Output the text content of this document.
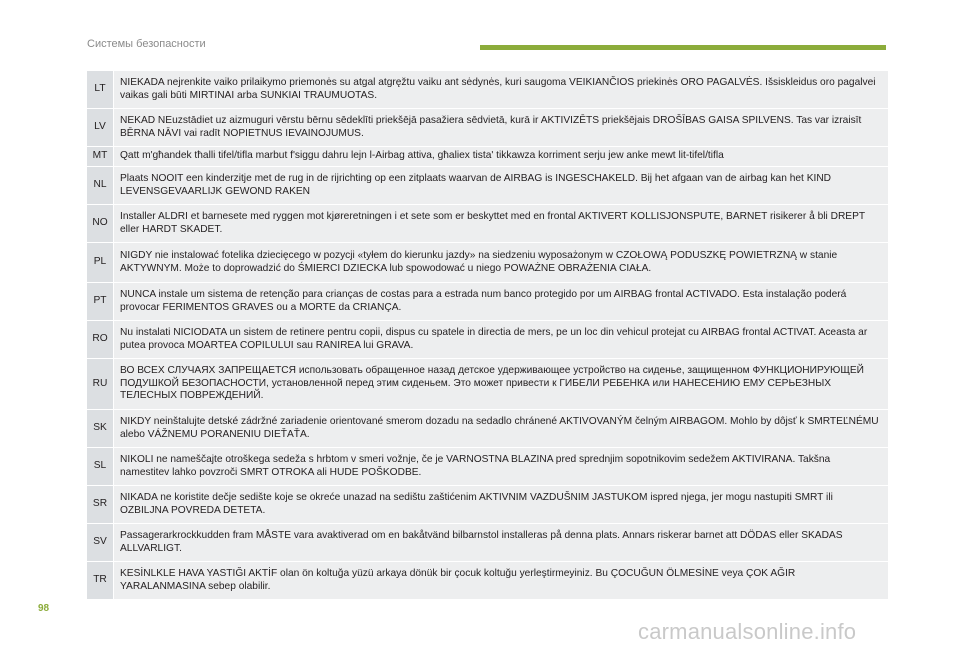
Системы безопасности
LT	NIEKADA nejrenkite vaiko prilaikymo priemonės su atgal atgręžtu vaiku ant sėdynės, kuri saugoma VEIKIANČIOS priekinės ORO PAGALVĖS. Išsiskleidus oro pagalvei vaikas gali būti MIRTINAI arba SUNKIAI TRAUMUOTAS.
LV	NEKAD NEuzstādiet uz aizmuguri vērstu bērnu sēdeklīti priekšējā pasažiera sēdvietā, kurā ir AKTIVIZĒTS priekšējais DROŠĪBAS GAISA SPILVENS. Tas var izraisīt BĒRNA NĀVI vai radīt NOPIETNUS IEVAINOJUMUS.
MT	Qatt m'għandek tħalli tifel/tifla marbut f'siggu dahru lejn l-Airbag attiva, għaliex tista' tikkawza korriment serju jew anke mewt lit-tifel/tifla
NL	Plaats NOOIT een kinderzitje met de rug in de rijrichting op een zitplaats waarvan de AIRBAG is INGESCHAKELD. Bij het afgaan van de airbag kan het KIND LEVENSGEVAARLIJK GEWOND RAKEN
NO	Installer ALDRI et barnesete med ryggen mot kjøreretningen i et sete som er beskyttet med en frontal AKTIVERT KOLLISJONSPUTE, BARNET risikerer å bli DREPT eller HARDT SKADET.
PL	NIGDY nie instalować fotelika dziecięcego w pozycji «tyłem do kierunku jazdy» na siedzeniu wyposażonym w CZOŁOWĄ PODUSZKĘ POWIETRZNĄ w stanie AKTYWNYM. Może to doprowadzić do ŚMIERCI DZIECKA lub spowodować u niego POWAŻNE OBRAŻENIA CIAŁA.
PT	NUNCA instale um sistema de retenção para crianças de costas para a estrada num banco protegido por um AIRBAG frontal ACTIVADO. Esta instalação poderá provocar FERIMENTOS GRAVES ou a MORTE da CRIANÇA.
RO	Nu instalati NICIODATA un sistem de retinere pentru copii, dispus cu spatele in directia de mers, pe un loc din vehicul protejat cu AIRBAG frontal ACTIVAT. Aceasta ar putea provoca MOARTEA COPILULUI sau RANIREA lui GRAVA.
RU	ВО ВСЕХ СЛУЧАЯХ ЗАПРЕЩАЕТСЯ использовать обращенное назад детское удерживающее устройство на сиденье, защищенном ФУНКЦИОНИРУЮЩЕЙ ПОДУШКОЙ БЕЗОПАСНОСТИ, установленной перед этим сиденьем. Это может привести к ГИБЕЛИ РЕБЕНКА или НАНЕСЕНИЮ ЕМУ СЕРЬЕЗНЫХ ТЕЛЕСНЫХ ПОВРЕЖДЕНИЙ.
SK	NIKDY neinštalujte detské zádržné zariadenie orientované smerom dozadu na sedadlo chránené AKTIVOVANÝM čelným AIRBAGOM. Mohlo by dôjsť k SMRTEĽNÉMU alebo VÁŽNEMU PORANENIU DIEŤAŤA.
SL	NIKOLI ne nameščajte otroškega sedeža s hrbtom v smeri vožnje, če je VARNOSTNA BLAZINA pred sprednjim sopotnikovim sedežem AKTIVIRANA. Takšna namestitev lahko povzroči SMRT OTROKA ali HUDE POŠKODBE.
SR	NIKADA ne koristite dečje sedište koje se okreće unazad na sedištu zaštićenim AKTIVNIM VAZDUŠNIM JASTUKOM ispred njega, jer mogu nastupiti SMRT ili OZBILJNA POVREDA DETETA.
SV	Passagerarkrockkudden fram MÅSTE vara avaktiverad om en bakåtvänd bilbarnstol installeras på denna plats. Annars riskerar barnet att DÖDAS eller SKADAS ALLVARLIGT.
TR	KESİNLKLE HAVA YASTIĞI AKTİF olan ön koltuğa yüzü arkaya dönük bir çocuk koltuğu yerleştirmeyiniz. Bu ÇOCUĞUN ÖLMESİNE veya ÇOK AĞIR YARALANMASINA sebep olabilir.
98
carmanualsonline.info
